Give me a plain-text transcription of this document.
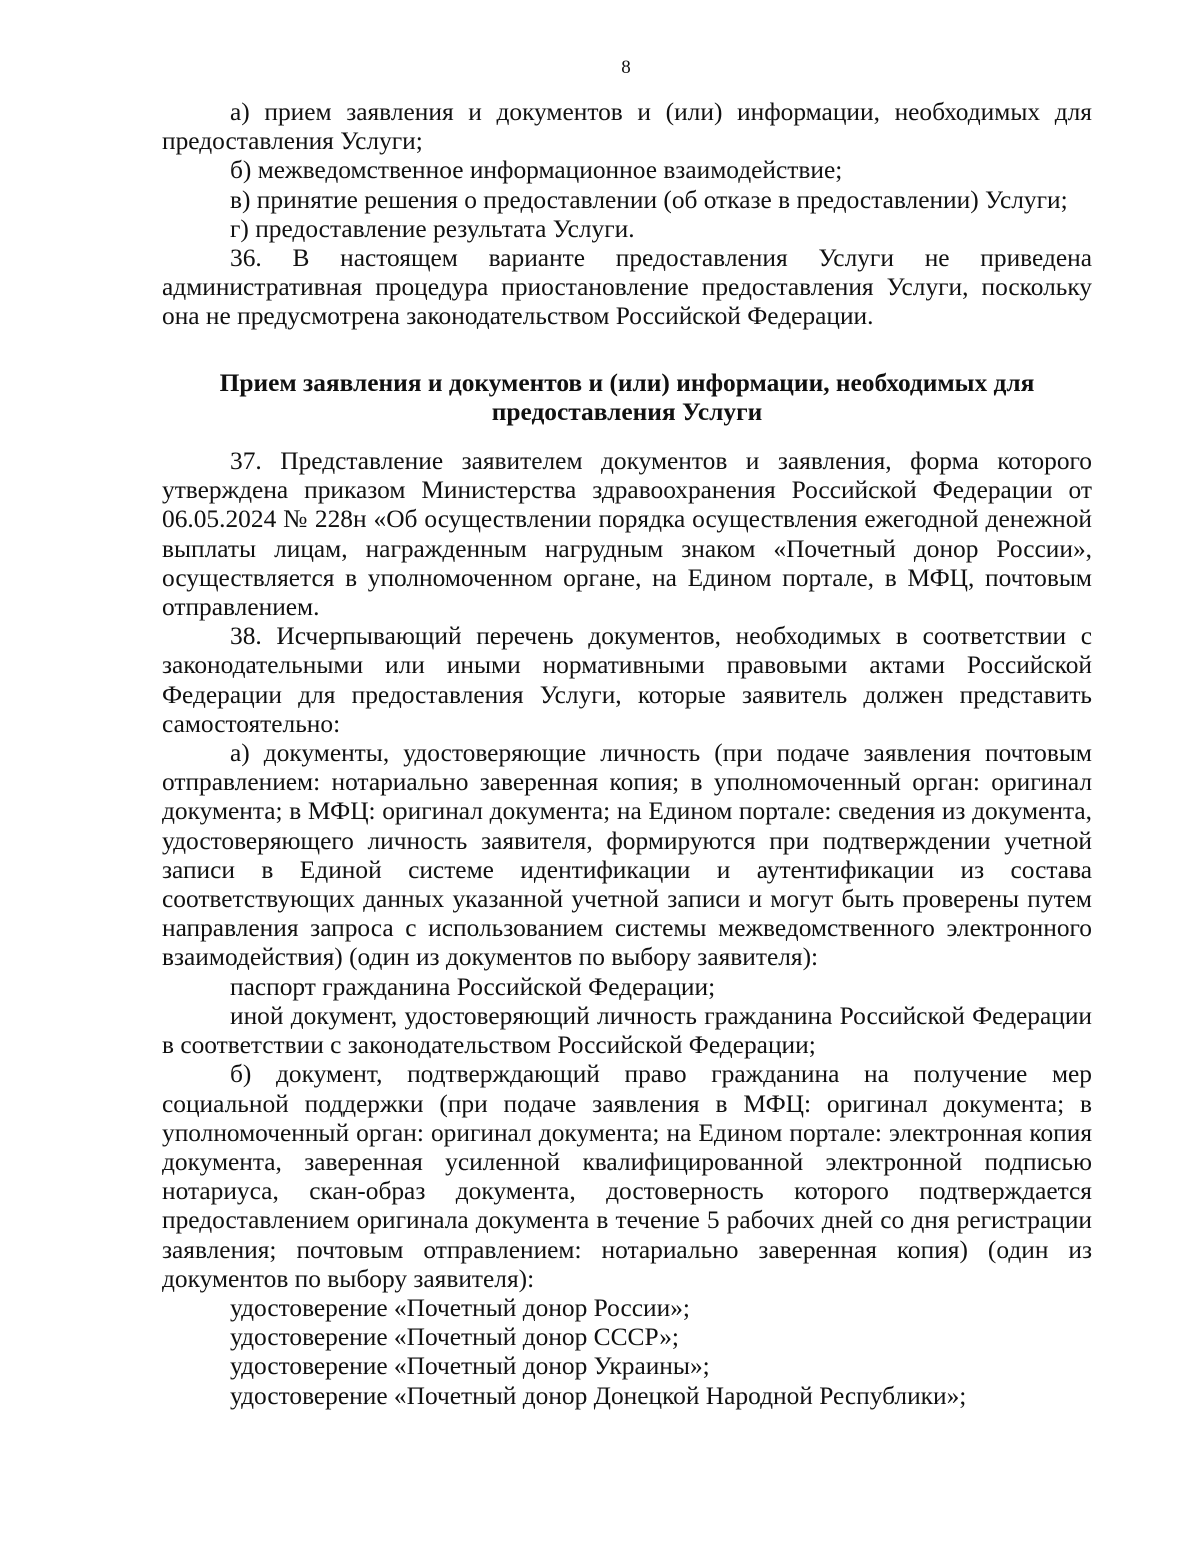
8

а) прием заявления и документов и (или) информации, необходимых для предоставления Услуги;

б) межведомственное информационное взаимодействие;

в) принятие решения о предоставлении (об отказе в предоставлении) Услуги;

г) предоставление результата Услуги.

36. В настоящем варианте предоставления Услуги не приведена административная процедура приостановление предоставления Услуги, поскольку она не предусмотрена законодательством Российской Федерации.

Прием заявления и документов и (или) информации, необходимых для
предоставления Услуги

37. Представление заявителем документов и заявления, форма которого утверждена приказом Министерства здравоохранения Российской Федерации от 06.05.2024 № 228н «Об осуществлении порядка осуществления ежегодной денежной выплаты лицам, награжденным нагрудным знаком «Почетный донор России», осуществляется в уполномоченном органе, на Едином портале, в МФЦ, почтовым отправлением.

38. Исчерпывающий перечень документов, необходимых в соответствии с законодательными или иными нормативными правовыми актами Российской Федерации для предоставления Услуги, которые заявитель должен представить самостоятельно:

а) документы, удостоверяющие личность (при подаче заявления почтовым отправлением: нотариально заверенная копия; в уполномоченный орган: оригинал документа; в МФЦ: оригинал документа; на Едином портале: сведения из документа, удостоверяющего личность заявителя, формируются при подтверждении учетной записи в Единой системе идентификации и аутентификации из состава соответствующих данных указанной учетной записи и могут быть проверены путем направления запроса с использованием системы межведомственного электронного взаимодействия) (один из документов по выбору заявителя):

паспорт гражданина Российской Федерации;

иной документ, удостоверяющий личность гражданина Российской Федерации в соответствии с законодательством Российской Федерации;

б) документ, подтверждающий право гражданина на получение мер социальной поддержки (при подаче заявления в МФЦ: оригинал документа; в уполномоченный орган: оригинал документа; на Едином портале: электронная копия документа, заверенная усиленной квалифицированной электронной подписью нотариуса, скан-образ документа, достоверность которого подтверждается предоставлением оригинала документа в течение 5 рабочих дней со дня регистрации заявления; почтовым отправлением: нотариально заверенная копия) (один из документов по выбору заявителя):

удостоверение «Почетный донор России»;

удостоверение «Почетный донор СССР»;

удостоверение «Почетный донор Украины»;

удостоверение «Почетный донор Донецкой Народной Республики»;
